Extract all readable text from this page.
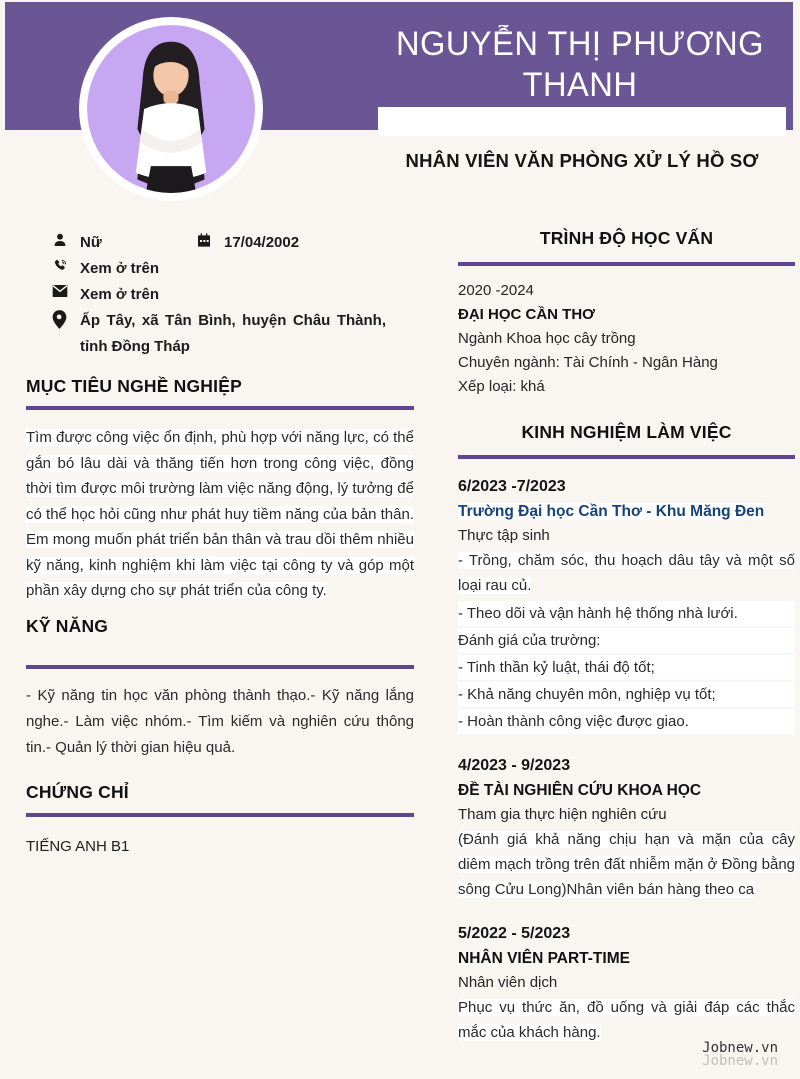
NGUYỄN THỊ PHƯƠNG
THANH
NHÂN VIÊN VĂN PHÒNG XỬ LÝ HỒ SƠ
Nữ	17/04/2002
Xem ở trên
Xem ở trên
Ấp Tây, xã Tân Bình, huyện Châu Thành, tỉnh Đồng Tháp
MỤC TIÊU NGHỀ NGHIỆP

Tìm được công việc ổn định, phù hợp với năng lực, có thể gắn bó lâu dài và thăng tiến hơn trong công việc, đồng thời tìm được môi trường làm việc năng động, lý tưởng để có thể học hỏi cũng như phát huy tiềm năng của bản thân. Em mong muốn phát triển bản thân và trau dồi thêm nhiều kỹ năng, kinh nghiệm khi làm việc tại công ty và góp một phần xây dựng cho sự phát triển của công ty.

KỸ NĂNG

- Kỹ năng tin học văn phòng thành thạo.- Kỹ năng lắng nghe.- Làm việc nhóm.- Tìm kiếm và nghiên cứu thông tin.- Quản lý thời gian hiệu quả.

CHỨNG CHỈ

TIẾNG ANH B1

TRÌNH ĐỘ HỌC VẤN
2020 -2024
ĐẠI HỌC CẦN THƠ
Ngành Khoa học cây trồng
Chuyên ngành: Tài Chính - Ngân Hàng
Xếp loại: khá
KINH NGHIỆM LÀM VIỆC
6/2023 -7/2023
Trường Đại học Cần Thơ - Khu Măng Đen
Thực tập sinh

- Trồng, chăm sóc, thu hoạch dâu tây và một số loại rau củ.

- Theo dõi và vận hành hệ thống nhà lưới.
Đánh giá của trường:
- Tinh thần kỷ luật, thái độ tốt;
- Khả năng chuyên môn, nghiệp vụ tốt;
- Hoàn thành công việc được giao.
4/2023 - 9/2023
ĐỀ TÀI NGHIÊN CỨU KHOA HỌC
Tham gia thực hiện nghiên cứu

(Đánh giá khả năng chịu hạn và mặn của cây diêm mạch trồng trên đất nhiễm mặn ở Đồng bằng sông Cửu Long)Nhân viên bán hàng theo ca

5/2022 - 5/2023
NHÂN VIÊN PART-TIME
Nhân viên dịch

Phục vụ thức ăn, đồ uống và giải đáp các thắc mắc của khách hàng.

Jobnew.vn
Jobnew.vn
